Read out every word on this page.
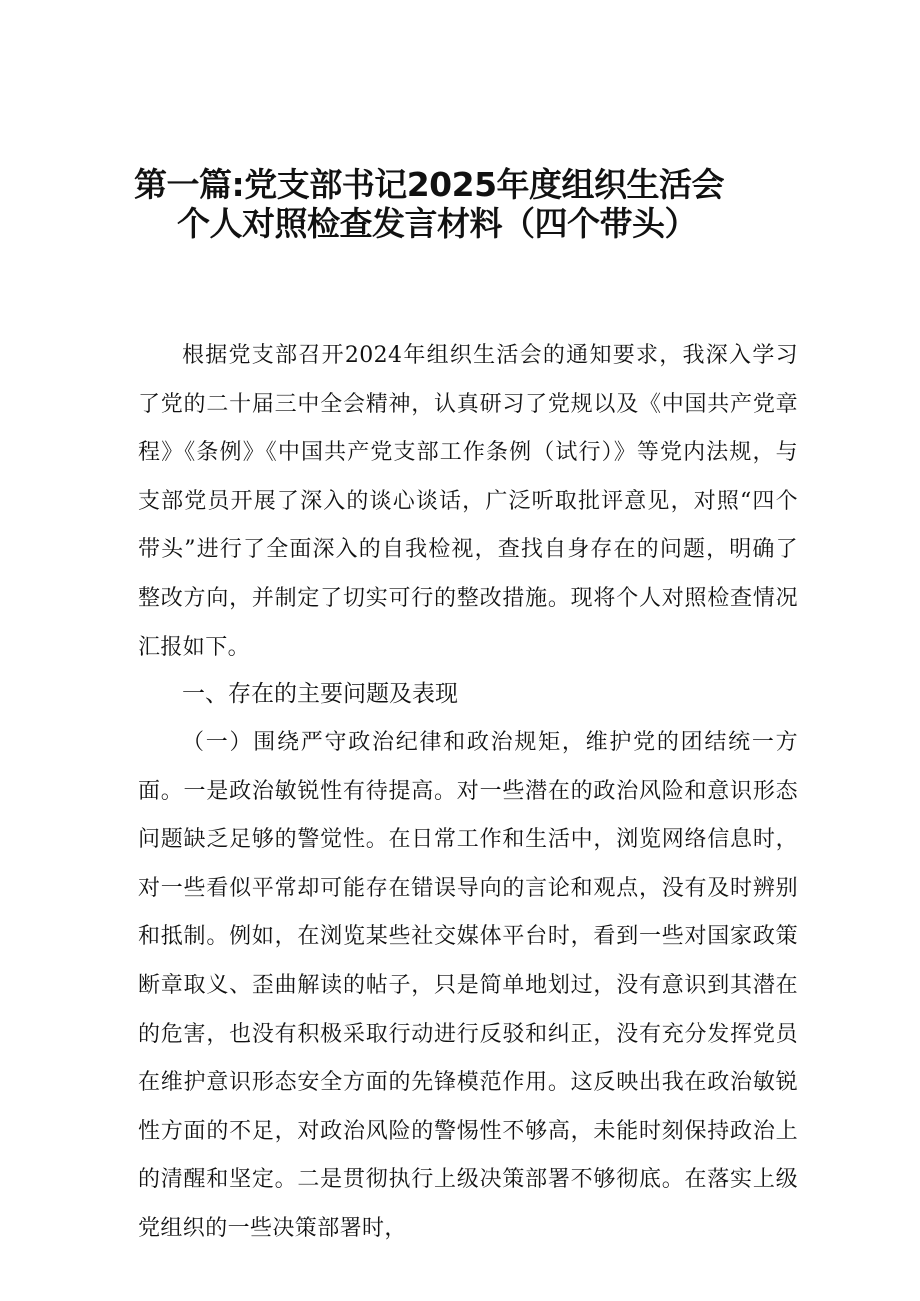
第一篇:党支部书记2025年度组织生活会
个人对照检查发言材料（四个带头）

根据党支部召开2024年组织生活会的通知要求，我深入学习了党的二十届三中全会精神，认真研习了党规以及《中国共产党章程》《条例》《中国共产党支部工作条例（试行）》等党内法规，与支部党员开展了深入的谈心谈话，广泛听取批评意见，对照“四个带头”进行了全面深入的自我检视，查找自身存在的问题，明确了整改方向，并制定了切实可行的整改措施。现将个人对照检查情况汇报如下。

一、存在的主要问题及表现

（一）围绕严守政治纪律和政治规矩，维护党的团结统一方面。一是政治敏锐性有待提高。对一些潜在的政治风险和意识形态问题缺乏足够的警觉性。在日常工作和生活中，浏览网络信息时，对一些看似平常却可能存在错误导向的言论和观点，没有及时辨别和抵制。例如，在浏览某些社交媒体平台时，看到一些对国家政策断章取义、歪曲解读的帖子，只是简单地划过，没有意识到其潜在的危害，也没有积极采取行动进行反驳和纠正，没有充分发挥党员在维护意识形态安全方面的先锋模范作用。这反映出我在政治敏锐性方面的不足，对政治风险的警惕性不够高，未能时刻保持政治上的清醒和坚定。二是贯彻执行上级决策部署不够彻底。在落实上级党组织的一些决策部署时，
